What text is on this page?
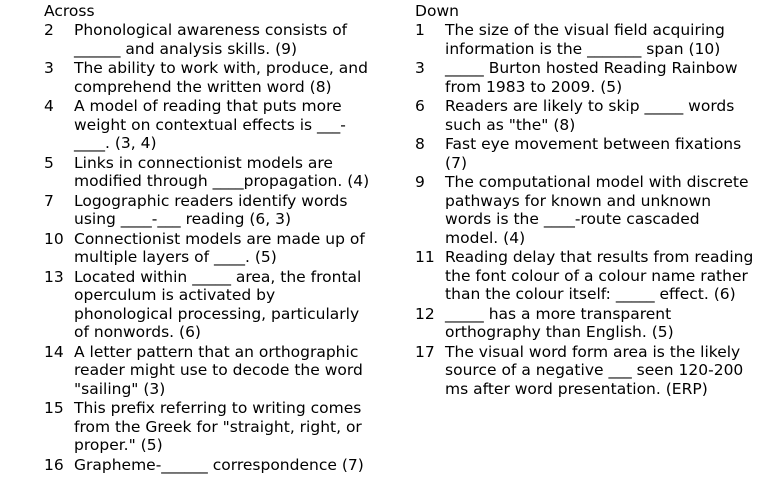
Across
2	Phonological awareness consists of ______ and analysis skills. (9)
3	The ability to work with, produce, and comprehend the written word (8)
4	A model of reading that puts more weight on contextual effects is ___-____. (3, 4)
5	Links in connectionist models are modified through ____propagation. (4)
7	Logographic readers identify words using ____-___ reading (6, 3)
10 Connectionist models are made up of multiple layers of ____. (5)
13 Located within _____ area, the frontal operculum is activated by phonological processing, particularly of nonwords. (6)
14 A letter pattern that an orthographic reader might use to decode the word "sailing" (3)
15 This prefix referring to writing comes from the Greek for "straight, right, or proper." (5)
16 Grapheme-______ correspondence (7)
Down
1	The size of the visual field acquiring information is the _______ span (10)
3	_____ Burton hosted Reading Rainbow from 1983 to 2009. (5)
6	Readers are likely to skip _____ words such as "the" (8)
8	Fast eye movement between fixations (7)
9	The computational model with discrete pathways for known and unknown words is the ____-route cascaded model. (4)
11 Reading delay that results from reading the font colour of a colour name rather than the colour itself: _____ effect. (6)
12 _____ has a more transparent orthography than English. (5)
17 The visual word form area is the likely source of a negative ___ seen 120-200 ms after word presentation. (ERP)
